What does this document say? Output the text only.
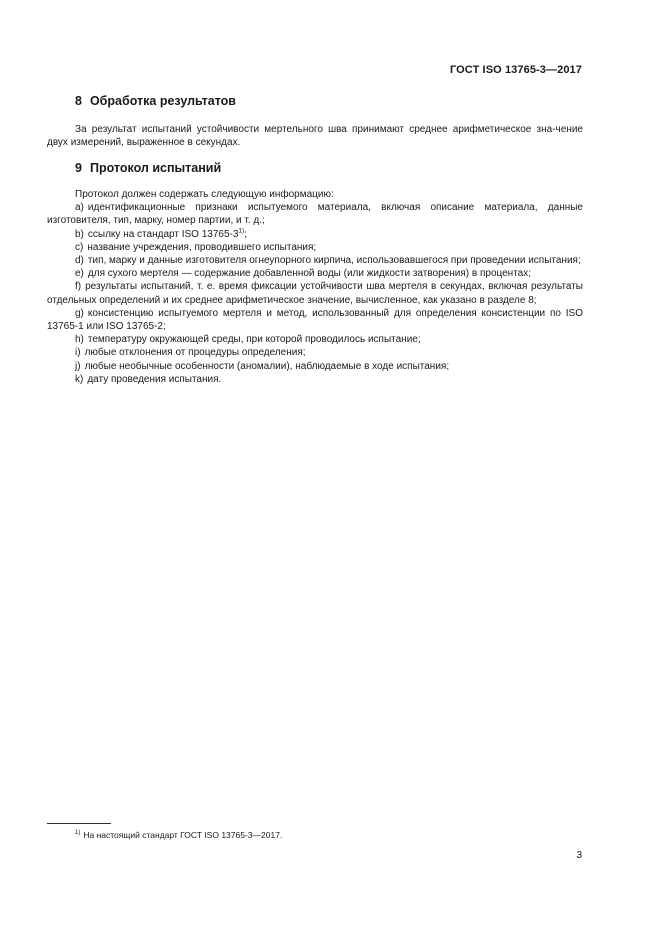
ГОСТ ISO 13765-3—2017
8 Обработка результатов

За результат испытаний устойчивости мертельного шва принимают среднее арифметическое зна-чение двух измерений, выраженное в секундах.

9 Протокол испытаний

Протокол должен содержать следующую информацию:

a) идентификационные признаки испытуемого материала, включая описание материала, данные изготовителя, тип, марку, номер партии, и т. д.;

b) ссылку на стандарт ISO 13765-3$^{1)}$;

c) название учреждения, проводившего испытания;

d) тип, марку и данные изготовителя огнеупорного кирпича, использовавшегося при проведении испытания;

e) для сухого мертеля — содержание добавленной воды (или жидкости затворения) в процентах;

f) результаты испытаний, т. е. время фиксации устойчивости шва мертеля в секундах, включая результаты отдельных определений и их среднее арифметическое значение, вычисленное, как указано в разделе 8;

g) консистенцию испытуемого мертеля и метод, использованный для определения консистенции по ISO 13765-1 или ISO 13765-2;

h) температуру окружающей среды, при которой проводилось испытание;

i) любые отклонения от процедуры определения;

j) любые необычные особенности (аномалии), наблюдаемые в ходе испытания;

k) дату проведения испытания.

$^{1)}$ На настоящий стандарт ГОСТ ISO 13765-3—2017.

3
